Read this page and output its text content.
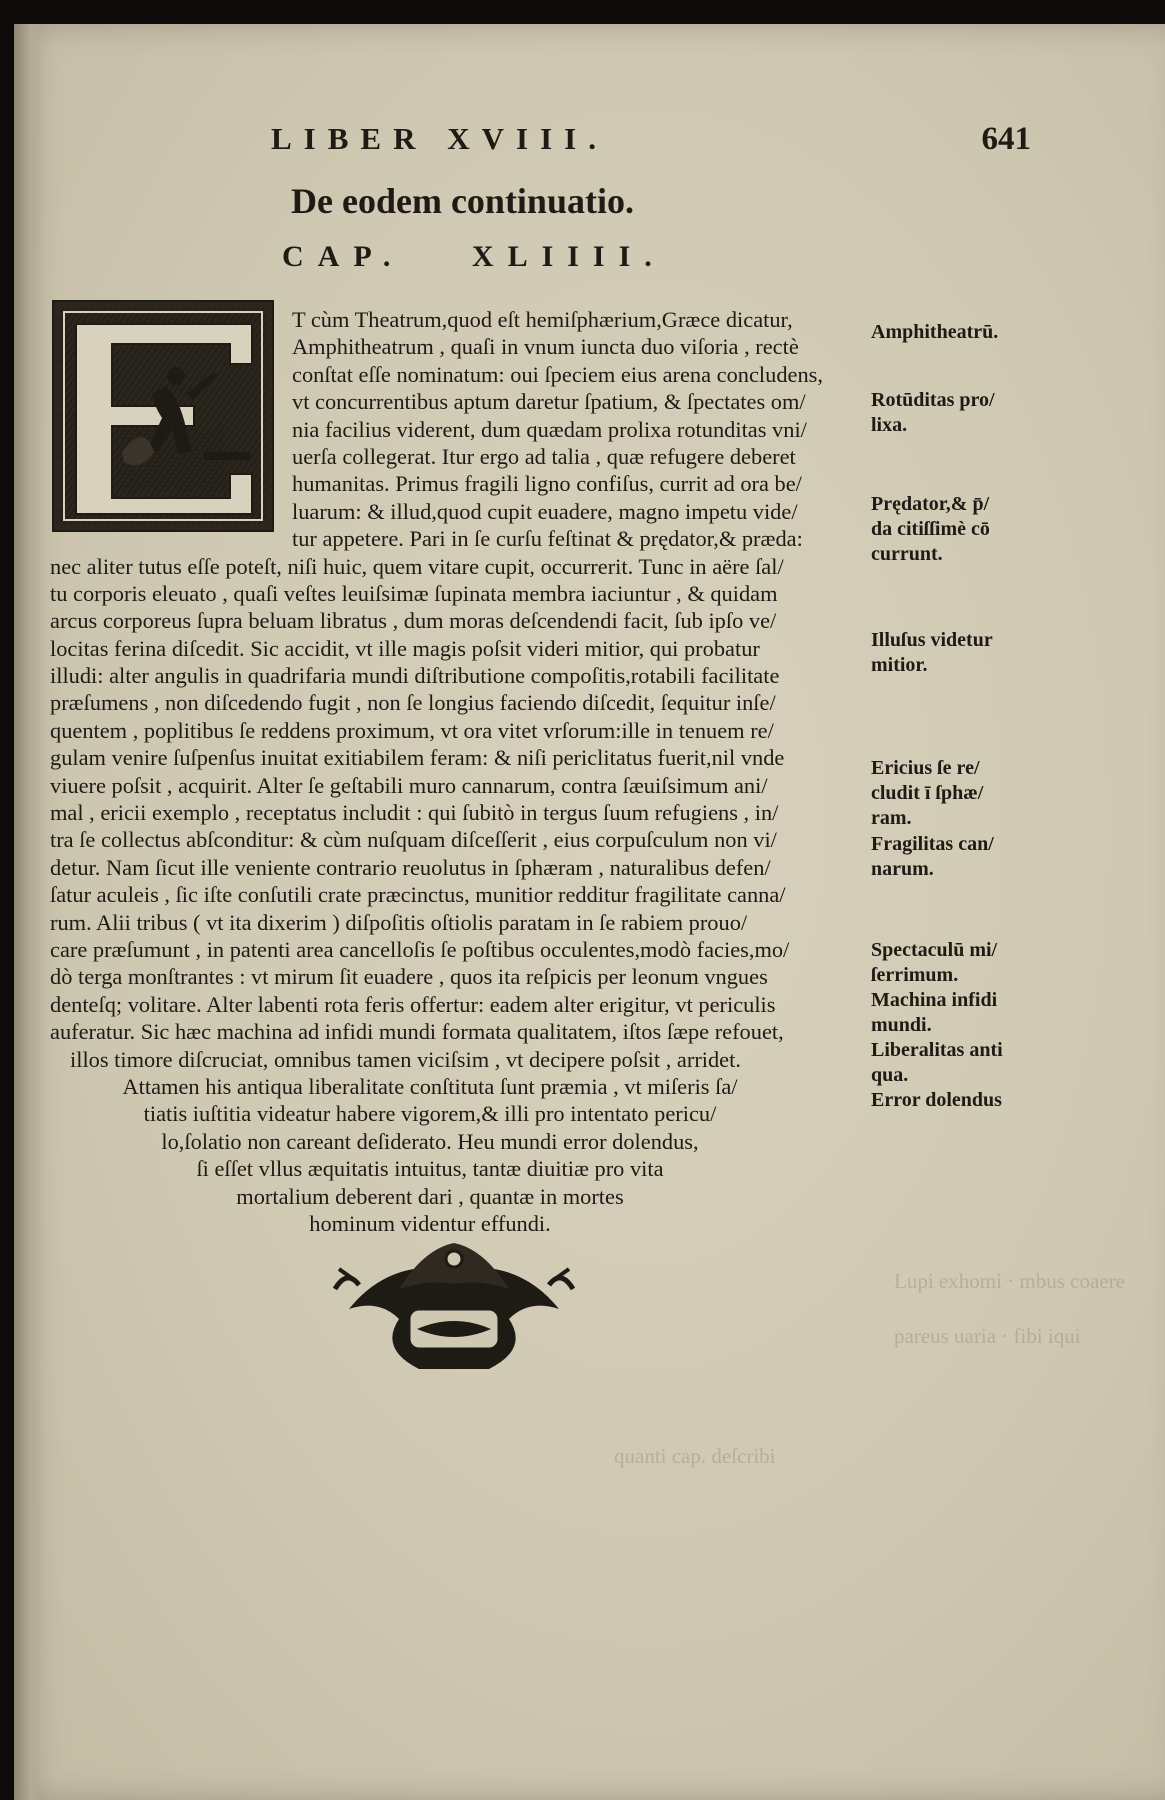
Lupi exhomi · mbus coaere
pareus uaria · fibi iqui
quanti cap. deſcribi
LIBER XVIII.	641
De eodem continuatio.
CAP. XLIIII.
T cùm Theatrum,quod eſt hemiſphærium,Græce dicatur,
Amphitheatrum , quaſi in vnum iuncta duo viſoria , rectè
conſtat eſſe nominatum: oui ſpeciem eius arena concludens,
vt concurrentibus aptum daretur ſpatium, & ſpectates om/
nia facilius viderent, dum quædam prolixa rotunditas vni/
uerſa collegerat. Itur ergo ad talia , quæ refugere deberet
humanitas. Primus fragili ligno confiſus, currit ad ora be/
luarum: & illud,quod cupit euadere, magno impetu vide/
tur appetere. Pari in ſe curſu feſtinat & prędator,& præda:
nec aliter tutus eſſe poteſt, niſi huic, quem vitare cupit, occurrerit. Tunc in aëre ſal/
tu corporis eleuato , quaſi veſtes leuiſsimæ ſupinata membra iaciuntur , & quidam
arcus corporeus ſupra beluam libratus , dum moras deſcendendi facit, ſub ipſo ve/
locitas ferina diſcedit. Sic accidit, vt ille magis poſsit videri mitior, qui probatur
illudi: alter angulis in quadrifaria mundi diſtributione compoſitis,rotabili facilitate
præſumens , non diſcedendo fugit , non ſe longius faciendo diſcedit, ſequitur inſe/
quentem , poplitibus ſe reddens proximum, vt ora vitet vrſorum:ille in tenuem re/
gulam venire ſuſpenſus inuitat exitiabilem feram: & niſi periclitatus fuerit,nil vnde
viuere poſsit , acquirit. Alter ſe geſtabili muro cannarum, contra ſæuiſsimum ani/
mal , ericii exemplo , receptatus includit : qui ſubitò in tergus ſuum refugiens , in/
tra ſe collectus abſconditur: & cùm nuſquam diſceſſerit , eius corpuſculum non vi/
detur. Nam ſicut ille veniente contrario reuolutus in ſphæram , naturalibus defen/
ſatur aculeis , ſic iſte conſutili crate præcinctus, munitior redditur fragilitate canna/
rum. Alii tribus ( vt ita dixerim ) diſpoſitis oſtiolis paratam in ſe rabiem prouo/
care præſumunt , in patenti area cancelloſis ſe poſtibus occulentes,modò facies,mo/
dò terga monſtrantes : vt mirum ſit euadere , quos ita reſpicis per leonum vngues
denteſq; volitare. Alter labenti rota feris offertur: eadem alter erigitur, vt periculis
auferatur. Sic hæc machina ad infidi mundi formata qualitatem, iſtos ſæpe refouet,
illos timore diſcruciat, omnibus tamen viciſsim , vt decipere poſsit , arridet.
Attamen his antiqua liberalitate conſtituta ſunt præmia , vt miſeris ſa/
tiatis iuſtitia videatur habere vigorem,& illi pro intentato pericu/
lo,ſolatio non careant deſiderato. Heu mundi error dolendus,
ſi eſſet vllus æquitatis intuitus, tantæ diuitiæ pro vita
mortalium deberent dari , quantæ in mortes
hominum videntur effundi.
Amphitheatrū.
Rotūditas pro/
lixa.
Prędator,& p̄/
da citiſſimè cō
currunt.
Illuſus videtur
mitior.
Ericius ſe re/
cludit ī ſphæ/
ram.
Fragilitas can/
narum.
Spectaculū mi/
ſerrimum.
Machina infidi
mundi.
Liberalitas anti
qua.
Error dolendus
